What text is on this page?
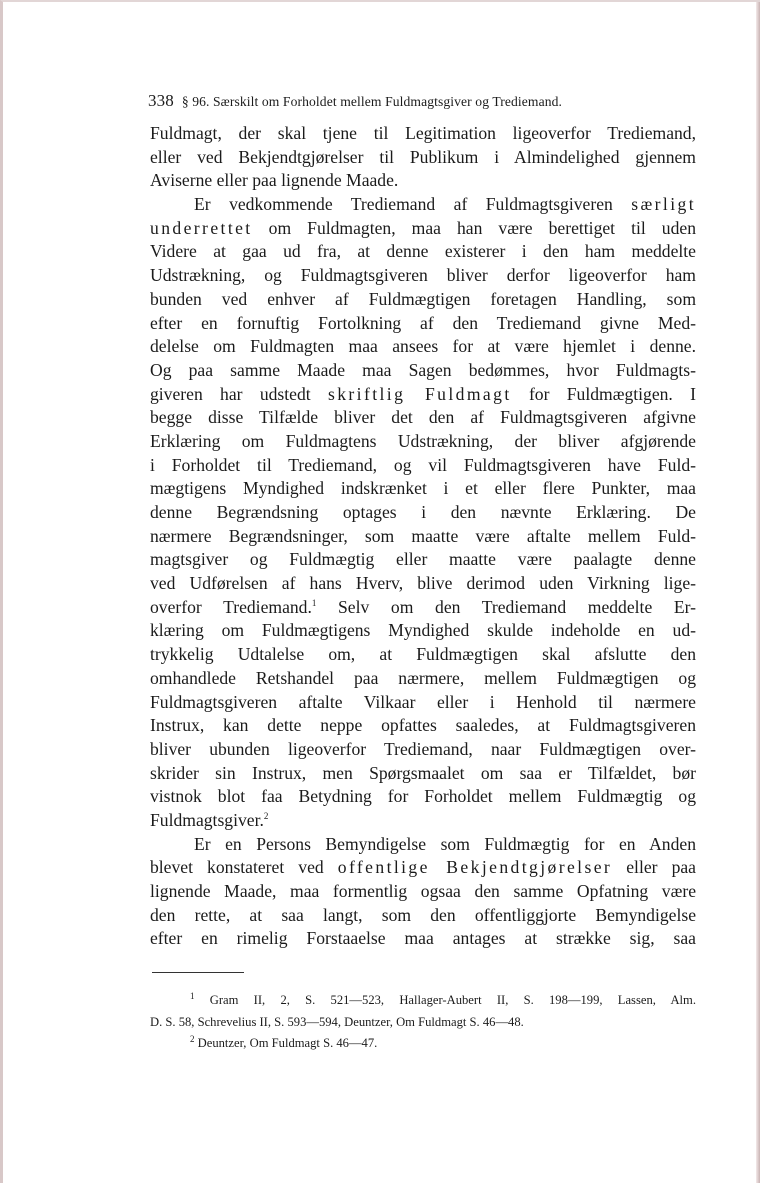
338 § 96. Særskilt om Forholdet mellem Fuldmagtsgiver og Trediemand.
Fuldmagt, der skal tjene til Legitimation ligeoverfor Trediemand,
eller ved Bekjendtgjørelser til Publikum i Almindelighed gjennem
Aviserne eller paa lignende Maade.
Er vedkommende Trediemand af Fuldmagtsgiveren særligt
underrettet om Fuldmagten, maa han være berettiget til uden
Videre at gaa ud fra, at denne existerer i den ham meddelte
Udstrækning, og Fuldmagtsgiveren bliver derfor ligeoverfor ham
bunden ved enhver af Fuldmægtigen foretagen Handling, som
efter en fornuftig Fortolkning af den Trediemand givne Med-
delelse om Fuldmagten maa ansees for at være hjemlet i denne.
Og paa samme Maade maa Sagen bedømmes, hvor Fuldmagts-
giveren har udstedt skriftlig Fuldmagt for Fuldmægtigen. I
begge disse Tilfælde bliver det den af Fuldmagtsgiveren afgivne
Erklæring om Fuldmagtens Udstrækning, der bliver afgjørende
i Forholdet til Trediemand, og vil Fuldmagtsgiveren have Fuld-
mægtigens Myndighed indskrænket i et eller flere Punkter, maa
denne Begrændsning optages i den nævnte Erklæring. De
nærmere Begrændsninger, som maatte være aftalte mellem Fuld-
magtsgiver og Fuldmægtig eller maatte være paalagte denne
ved Udførelsen af hans Hverv, blive derimod uden Virkning lige-
overfor Trediemand.$^1$ Selv om den Trediemand meddelte Er-
klæring om Fuldmægtigens Myndighed skulde indeholde en ud-
trykkelig Udtalelse om, at Fuldmægtigen skal afslutte den
omhandlede Retshandel paa nærmere, mellem Fuldmægtigen og
Fuldmagtsgiveren aftalte Vilkaar eller i Henhold til nærmere
Instrux, kan dette neppe opfattes saaledes, at Fuldmagtsgiveren
bliver ubunden ligeoverfor Trediemand, naar Fuldmægtigen over-
skrider sin Instrux, men Spørgsmaalet om saa er Tilfældet, bør
vistnok blot faa Betydning for Forholdet mellem Fuldmægtig og
Fuldmagtsgiver.$^2$
Er en Persons Bemyndigelse som Fuldmægtig for en Anden
blevet konstateret ved offentlige Bekjendtgjørelser eller paa
lignende Maade, maa formentlig ogsaa den samme Opfatning være
den rette, at saa langt, som den offentliggjorte Bemyndigelse
efter en rimelig Forstaaelse maa antages at strække sig, saa
$^1$ Gram II, 2, S. 521—523, Hallager-Aubert II, S. 198—199, Lassen, Alm.
D. S. 58, Schrevelius II, S. 593—594, Deuntzer, Om Fuldmagt S. 46—48.
$^2$ Deuntzer, Om Fuldmagt S. 46—47.
